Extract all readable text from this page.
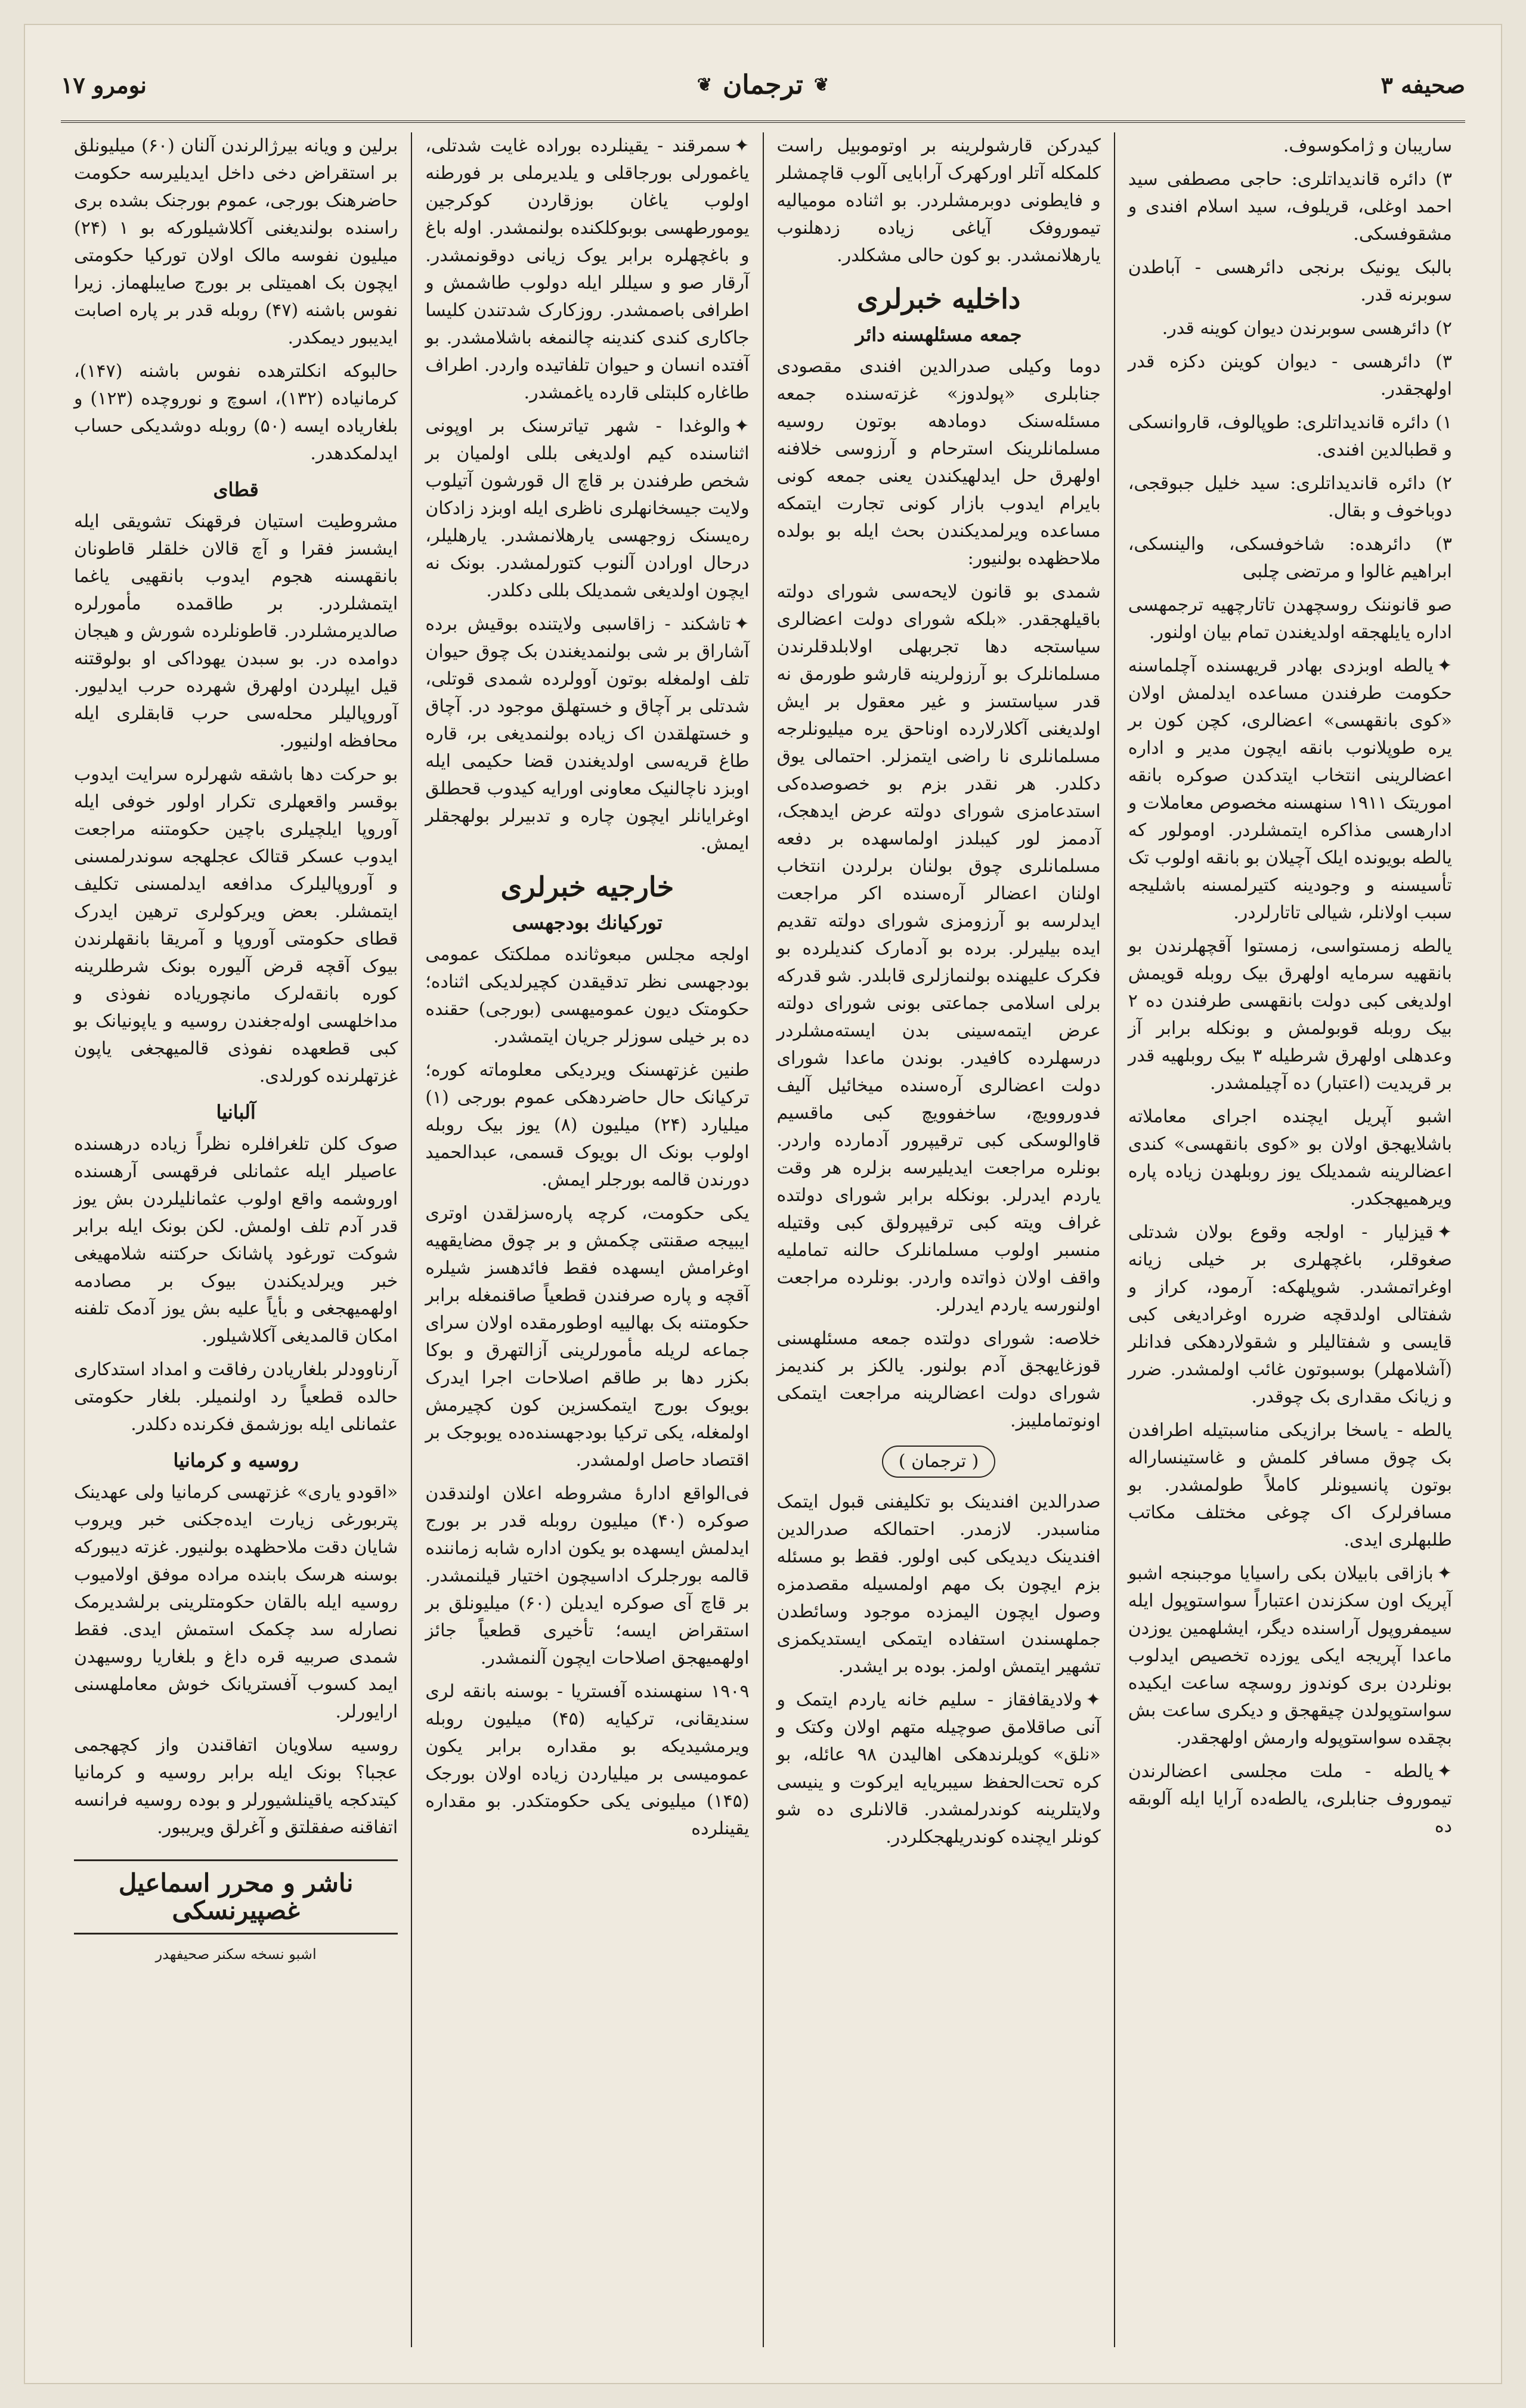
نومرو ۱۷	❦ ترجمان ❦	صحیفه ۳

ساریبان و ژامکوسوف.

۳) دائره قاندیداتلری: حاجی مصطفی سید احمد اوغلی، قریلوف، سید اسلام افندی و مشقوفسکی.

بالبک یونیک برنجی دائرهسی - آباطدن سوبرنه قدر.

۲) دائرهسی سوبرندن دیوان کوینه قدر.

۳) دائرهسی - دیوان کوینن دکزه قدر اولهجقدر.

۱) دائره قاندیداتلری: طوپالوف، قاروانسکی و قطبالدین افندی.

۲) دائره قاندیداتلری: سید خلیل جبوقجی، دوباخوف و بقال.

۳) دائرهده: شاخوفسکی، والینسکی، ابراهیم غالوا و مرتضی چلبی

صو قانوننک روسچهدن تاتارچهیه ترجمهسی اداره یایلهجقه اولدیغندن تمام بیان اولنور.

✦یالطه اوبزدی بهادر قریهسنده آچلماسنه حکومت طرفندن مساعده ایدلمش اولان «کوی بانقهسی» اعضالری، کچن کون بر یره طوپلانوب بانقه ایچون مدیر و اداره اعضالرینی انتخاب ایتدکدن صوکره بانقه اموریتک ۱۹۱۱ سنهسنه مخصوص معاملات و ادارهسی مذاکره ایتمشلردر. اومولور که یالطه بویونده ایلک آچیلان بو بانقه اولوب تک تأسیسنه و وجودینه کتیرلمسنه باشلیجه سبب اولانلر، شیالی تاتارلردر.

یالطه زمستواسی، زمستوا آقچهلرندن بو بانقهیه سرمایه اولهرق بیک روبله قویمش اولدیغی کبی دولت بانقهسی طرفندن ده ۲ بیک روبله قوبولمش و بونکله برابر آز وعدهلی اولهرق شرطیله ۳ بیک روبلهیه قدر بر قریدیت (اعتبار) ده آچیلمشدر.

اشبو آپریل ایچنده اجرای معاملاته باشلایهجق اولان بو «کوی بانقهسی» کندی اعضالرینه شمدیلک یوز روبلهدن زیاده پاره ویرهمیهجکدر.

✦قیزلیار - اولجه وقوع بولان شدتلی صغوقلر، باغچهلری بر خیلی زیانه اوغراتمشدر. شوپلهکه: آرمود، کراز و شفتالی اولدقچه ضرره اوغرادیغی کبی قایسی و شفتالیلر و شقولاردهکی فدانلر (آشلامهلر) بوسبوتون غائب اولمشدر. ضرر و زیانک مقداری بک چوقدر.

یالطه - یاسخا برازیکی مناسبتیله اطرافدن بک چوق مسافر کلمش و غاستینساراله بوتون پانسیونلر کاملاً طولمشدر. بو مسافرلرک اک چوغی مختلف مکاتب طلبهلری ایدی.

✦بازاقی بابیلان بکی راسیایا موجبنجه اشبو آپریک اون سکزندن اعتباراً سواستوپول ایله سیمفروپول آراسنده دیگر، ایشلهمین یوزدن ماعدا آپریجه ایکی یوزده تخصیص ایدلوب بونلردن بری کوندوز روسچه ساعت ایکیده سواستوپولدن چیقهجق و دیکری ساعت بش بچقده سواستوپوله وارمش اولهجقدر.

✦یالطه - ملت مجلسی اعضالرندن تیموروف جنابلری، یالطه‌ده آرایا ایله آلوبقه ده

کیدرکن قارشولرینه بر اوتوموبیل راست کلمکله آتلر اورکهرک آرابایی آلوب قاچمشلر و فایطونی دوبرمشلردر. بو اثناده مومیالیه تیموروفک آیاغی زیاده زدهلنوب یارهلانمشدر. بو کون حالی مشکلدر.

داخلیه خبرلری
جمعه مسئلهسنه دائر

دوما وکیلی صدرالدین افندی مقصودی جنابلری «پولدوز» غزته‌سنده جمعه مسئله‌سنک دومادهه بوتون روسیه مسلمانلرینک استرحام و آرزوسی خلافنه اولهرق حل ایدلهیکندن یعنی جمعه کونی بایرام ایدوب بازار کونی تجارت ایتمکه مساعده ویرلمدیکندن بحث ایله بو بولده ملاحظهده بولنیور:

شمدی بو قانون لایحه‌سی شورای دولته باقیلهجقدر. «بلکه شورای دولت اعضالری سیاستجه دها تجربهلی اولابلدقلرندن مسلمانلرک بو آرزولرینه قارشو طورمق نه قدر سیاستسز و غیر معقول بر ایش اولدیغنی آکلارلارده اوناحق یره میلیونلرجه مسلمانلری نا راضی ایتمزلر. احتمالی یوق دکلدر. هر نقدر بزم بو خصوصده‌کی استدعامزی شورای دولته عرض ایدهجک، آدممز لور کیبلدز اولماسهده بر دفعه مسلمانلری چوق بولنان برلردن انتخاب اولنان اعضالر آره‌سنده اکر مراجعت ایدلرسه بو آرزومزی شورای دولته تقدیم ایده بیلیرلر. برده بو آدمارک کندیلرده بو فکرک علیهنده بولنمازلری قابلدر. شو قدرکه برلی اسلامی جماعتی بونی شورای دولته عرض ایتمه‌سینی بدن ایسته‌مشلردر درسهلرده کافیدر. بوندن ماعدا شورای دولت اعضالری آره‌سنده میخائیل آلیف فدوروویچ، ساخفوویچ کبی ماقسیم قاوالوسکی کبی ترقیپرور آدمارده واردر. بونلره مراجعت ایدیلیرسه بزلره هر وقت یاردم ایدرلر. بونکله برابر شورای دولتده غراف ویته کبی ترقیپرولق کبی وقتیله منسبر اولوب مسلمانلرک حالنه تماملیه واقف اولان ذواتده واردر. بونلرده مراجعت اولنورسه یاردم ایدرلر.

خلاصه: شورای دولتده جمعه مسئلهسنی قوزغایهجق آدم بولنور. یالکز بر کندیمز شورای دولت اعضالرینه مراجعت ایتمکی اونوتماملیبز.

( ترجمان )

صدرالدین افندینک بو تکلیفنی قبول ایتمک مناسبدر. لازمدر. احتمالکه صدرالدین افندینک دیدیکی کبی اولور. فقط بو مسئله بزم ایچون بک مهم اولمسیله مقصدمزه وصول ایچون الیمزده موجود وسائطدن جملهسندن استفاده ایتمکی ایستدیکمزی تشهیر ایتمش اولمز. بوده بر ایشدر.

✦ولادیقافقاز - سلیم خانه یاردم ایتمک و آنی صاقلامق صوچیله متهم اولان وکتک و «نلق» کویلرندهکی اهالیدن ۹۸ عائله، بو کره تحت‌الحفظ سیبریایه ایرکوت و ینیسی ولایتلرینه کوندرلمشدر. قالانلری ده شو کونلر ایچنده کوندریلهجکلردر.

✦سمرقند - یقینلرده بوراده غایت شدتلی، یاغمورلی بورجاقلی و یلدیرملی بر فورطنه اولوب یاغان بوزقاردن کوکرجین یومورطهسی بوبوکلکنده بولنمشدر. اوله باغ و باغچهلره برابر یوک زیانی دوقونمشدر. آرقار صو و سیللر ایله دولوب طاشمش و اطرافی باصمشدر. روزکارک شدتندن کلیسا جاکاری کندی کندینه چالنمغه باشلامشدر. بو آفتده انسان و حیوان تلفاتیده واردر. اطراف طاغاره کلبتلی قارده یاغمشدر.

✦والوغدا - شهر تیاترسنک بر اوپونی اثناسنده کیم اولدیغی بللی اولمیان بر شخص طرفندن بر قاچ ال قورشون آتیلوب ولایت جیسخانهلری ناظری ایله اوبزد زادکان ره‌یسنک زوجهسی یارهلانمشدر. یارهلیلر، درحال اورادن آلنوب کتورلمشدر. بونک نه ایچون اولدیغی شمدیلک بللی دکلدر.

✦تاشکند - زاقاسبی ولایتنده بوقیش برده آشاراق بر شی بولنمدیغندن بک چوق حیوان تلف اولمغله بوتون آوولرده شمدی قوتلی، شدتلی بر آچاق و خستهلق موجود در. آچاق و خستهلقدن اک زیاده بولنمدیغی بر، قاره طاغ قریه‌سی اولدیغندن قضا حکیمی ایله اوبزد ناچالنیک معاونی اورایه کیدوب قحطلق اوغرایانلر ایچون چاره و تدبیرلر بولهجقلر ایمش.

خارجیه خبرلری
توركيانك بودجهسی

اولجه مجلس مبعوثانده مملکتک عمومی بودجهسی نظر تدقیقدن کچیرلدیکی اثناده؛ حکومتک دیون عمومیهسی (بورجی) حقنده ده بر خیلی سوزلر جریان ایتمشدر.

طنین غزتهسنک ویردیکی معلوماته کوره؛ ترکیانک حال حاضردهکی عموم بورجی (۱) میلیارد (۲۴) میلیون (۸) یوز بیک روبله اولوب بونک ال بویوک قسمی، عبدالحمید دورندن قالمه بورجلر ایمش.

یکی حکومت، کرچه پاره‌سزلقدن اوتری ایبیجه صقنتی چکمش و بر چوق مضایقهیه اوغرامش ایسهده فقط فائدهسز شیلره آقچه و پاره صرفندن قطعیاً صاقنمغله برابر حکومتنه بک بهالییه اوطورمقده اولان سرای جماعه لریله مأمورلرینی آزالتهرق و بوکا بکزر دها بر طاقم اصلاحات اجرا ایدرک بویوک بورج ایتمکسزین کون کچیرمش اولمغله، یکی ترکیا بودجهسنده‌ده یوبوجک بر اقتصاد حاصل اولمشدر.

فی‌الواقع ادارهٔ مشروطه اعلان اولندقدن صوکره (۴۰) میلیون روبله قدر بر بورج ایدلمش ایسهده بو یکون اداره شابه زماننده قالمه بورجلرک اداسیچون اختیار قیلنمشدر. بر قاچ آی صوکره ایدیلن (۶۰) میلیونلق بر استقراض ایسه؛ تأخیری قطعیاً جائز اولهمیهجق اصلاحات ایچون آلنمشدر.

۱۹۰۹ سنهسنده آفستریا - بوسنه بانقه لری سندیقانی، ترکیایه (۴۵) میلیون روبله ویرمشیدیکه بو مقداره برابر یکون عمومیسی بر میلیاردن زیاده اولان بورجک (۱۴۵) میلیونی یکی حکومتکدر. بو مقداره یقینلرده

برلین و ویانه بیرژالرندن آلنان (۶۰) میلیونلق بر استقراض دخی داخل ایدیلیرسه حکومت حاضرهنک بورجی، عموم بورجنک بشده بری راسنده بولندیغنی آکلاشیلورکه بو ۱ (۲۴) میلیون نفوسه مالک اولان توركيا حکومتی ایچون بک اهمیتلی بر بورج صایبلهماز. زیرا نفوس باشنه (۴۷) روبله قدر بر پاره اصابت ایدیبور دیمکدر.

حالبوکه انکلترهده نفوس باشنه (۱۴۷)، کرمانیاده (۱۳۲)، اسوچ و نوروچده (۱۲۳) و بلغاریاده ایسه (۵۰) روبله دوشدیکی حساب ایدلمکدهدر.

قطای

مشروطیت استیان فرقهنک تشویقی ایله ایشسز فقرا و آچ قالان خلقلر قاطونان بانقهسنه هجوم ایدوب بانقهیی یاغما ایتمشلردر. بر طاقمده مأمورلره صالدیرمشلردر. قاطونلرده شورش و هیجان دوامده در. بو سبدن یهوداکی او بولوقتنه قیل ایپلردن اولهرق شهرده حرب ایدلیور. آوروپالیلر محله‌سی حرب قابقلری ایله محافظه اولنیور.

بو حرکت دها باشقه شهرلره سرایت ایدوب بوقسر واقعهلری تکرار اولور خوفی ایله آوروپا ایلچیلری باچین حکومتنه مراجعت ایدوب عسکر قتالک عجلهجه سوندرلمسنی و آوروپالیلرک مدافعه ایدلمسنی تکلیف ایتمشلر. بعض ویرکولری ترهین ایدرک قطای حکومتی آوروپا و آمریقا بانقهلرندن بیوک آقچه قرض آلیوره بونک شرطلرینه کوره بانقه‌لرک مانچوریاده نفوذی و مداخلهسی اوله‌جغندن روسیه و یاپونیانک بو کبی قطعهده نفوذی قالمیهجغی یاپون غزتهلرنده کورلدی.

آلبانیا

صوک کلن تلغرافلره نظراً زیاده درهسنده عاصیلر ایله عثمانلی فرقهسی آرهسنده اوروشمه واقع اولوب عثمانلیلردن بش یوز قدر آدم تلف اولمش. لکن بونک ایله برابر شوکت تورغود پاشانک حرکتنه شلامهیغی خبر ویرلدیکندن بیوک بر مصادمه اولهمیهجغی و بأیاً علیه بش یوز آدمک تلفنه امکان قالمدیغی آکلاشیلور.

آرناوودلر بلغاریادن رفاقت و امداد استدکاری حالده قطعیاً رد اولنمیلر. بلغار حکومتی عثمانلی ایله بوزشمق فکرنده دکلدر.

روسیه و کرمانیا

«اقودو یاری» غزتهسی کرمانیا ولی عهدینک پتربورغی زیارت ایده‌جکنی خبر ویروب شایان دقت ملاحظهده بولنیور. غزته دیبورکه بوسنه هرسک بابنده مراده موفق اولامیوب روسیه ایله بالقان حکومتلرینی برلشدیرمک نصارله سد چکمک استمش ایدی. فقط شمدی صربیه قره داغ و بلغاریا روسیهدن ایمد کسوب آفستریانک خوش معاملهسنی ارایورلر.

روسیه سلاویان اتفاقندن واز کچهجمی عجبا؟ بونک ایله برابر روسیه و کرمانیا کیتدکجه یاقینلشیورلر و بوده روسیه فرانسه اتفاقنه صفقلتق و آغرلق ویریبور.

ناشر و محرر اسماعیل غصپیرنسکی
اشبو نسخه سکنر صحیفهدر
